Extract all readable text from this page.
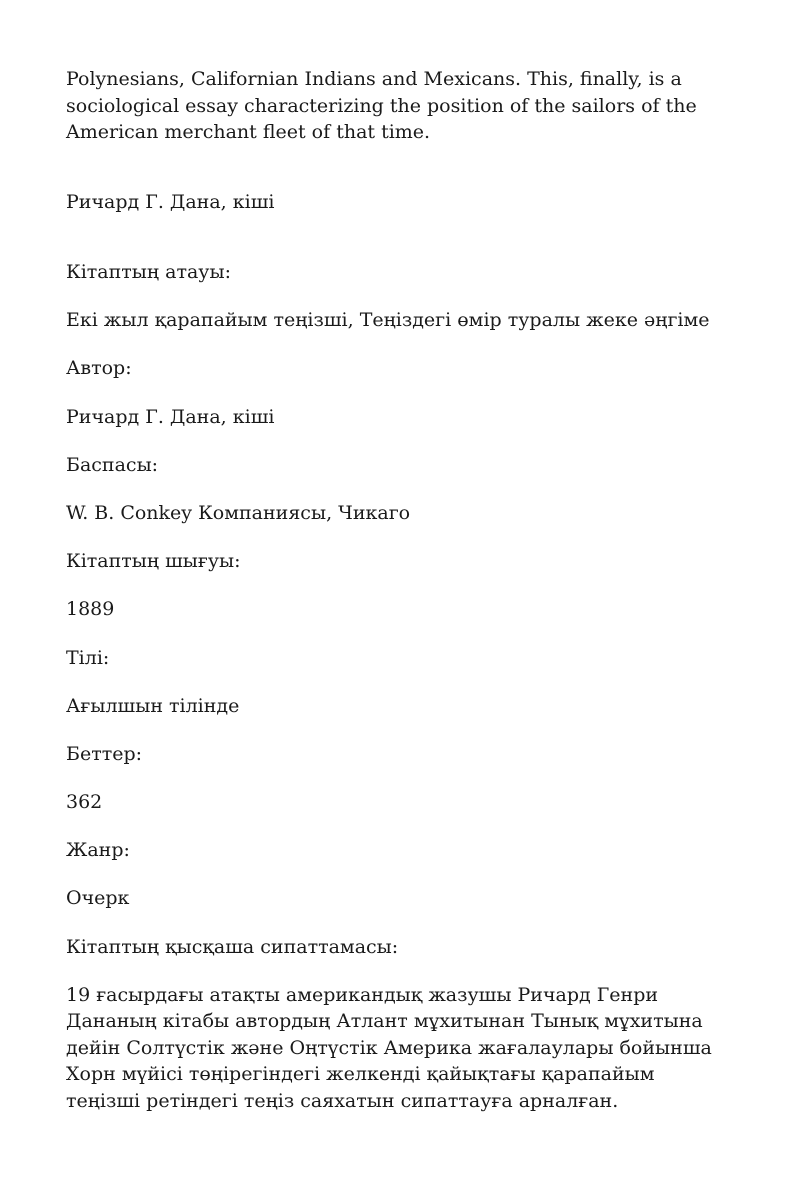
Polynesians, Californian Indians and Mexicans. This, finally, is a sociological essay characterizing the position of the sailors of the American merchant fleet of that time.

Ричард Г. Дана, кіші

Кітаптың атауы:

Екі жыл қарапайым теңізші, Теңіздегі өмір туралы жеке әңгіме

Автор:

Ричард Г. Дана, кіші

Баспасы:

W. B. Conkey Компаниясы, Чикаго

Кітаптың шығуы:

1889

Тілі:

Ағылшын тілінде

Беттер:

362

Жанр:

Очерк

Кітаптың қысқаша сипаттамасы:

19 ғасырдағы атақты американдық жазушы Ричард Генри Дананың кітабы автордың Атлант мұхитынан Тынық мұхитына дейін Солтүстік және Оңтүстік Америка жағалаулары бойынша Хорн мүйісі төңірегіндегі желкенді қайықтағы қарапайым теңізші ретіндегі теңіз саяхатын сипаттауға арналған.
